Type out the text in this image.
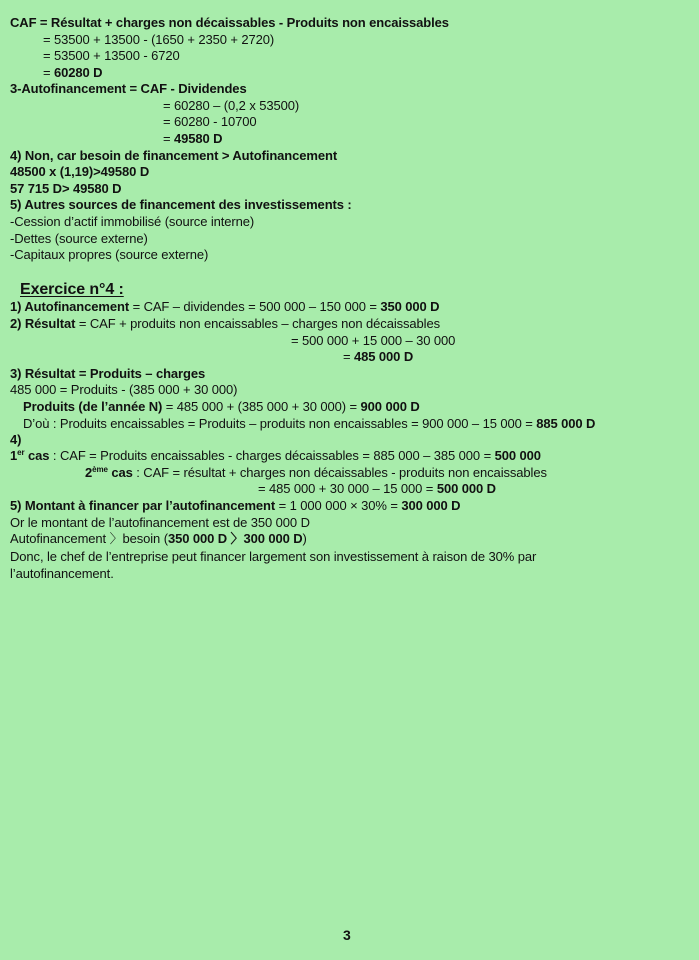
CAF = Résultat + charges non décaissables - Produits non encaissables
= 53500 + 13500 - (1650 + 2350 + 2720)
= 53500 + 13500 - 6720
= 60280 D
3-Autofinancement = CAF - Dividendes
= 60280 – (0,2 x 53500)
= 60280 - 10700
= 49580 D
4) Non, car besoin de financement > Autofinancement
48500 x (1,19)>49580 D
57 715 D> 49580 D
5) Autres sources de financement des investissements :
-Cession d’actif immobilisé (source interne)
-Dettes (source externe)
-Capitaux propres (source externe)
Exercice n°4 :
1) Autofinancement = CAF – dividendes = 500 000 – 150 000 = 350 000 D
2) Résultat = CAF + produits non encaissables – charges non décaissables
= 500 000 + 15 000 – 30 000
= 485 000 D
3) Résultat = Produits – charges
485 000 = Produits - (385 000 + 30 000)
Produits (de l’année N) = 485 000 + (385 000 + 30 000) = 900 000 D
D’où : Produits encaissables = Produits – produits non encaissables = 900 000 – 15 000 = 885 000 D
4)
1er cas : CAF = Produits encaissables - charges décaissables = 885 000 – 385 000 = 500 000
2ème cas : CAF = résultat + charges non décaissables - produits non encaissables
= 485 000 + 30 000 – 15 000 = 500 000 D
5) Montant à financer par l’autofinancement = 1 000 000 × 30% = 300 000 D
Or le montant de l’autofinancement est de 350 000 D
Autofinancement 〉besoin (350 000 D 〉300 000 D)
Donc, le chef de l’entreprise peut financer largement son investissement à raison de 30% par
l’autofinancement.
3
